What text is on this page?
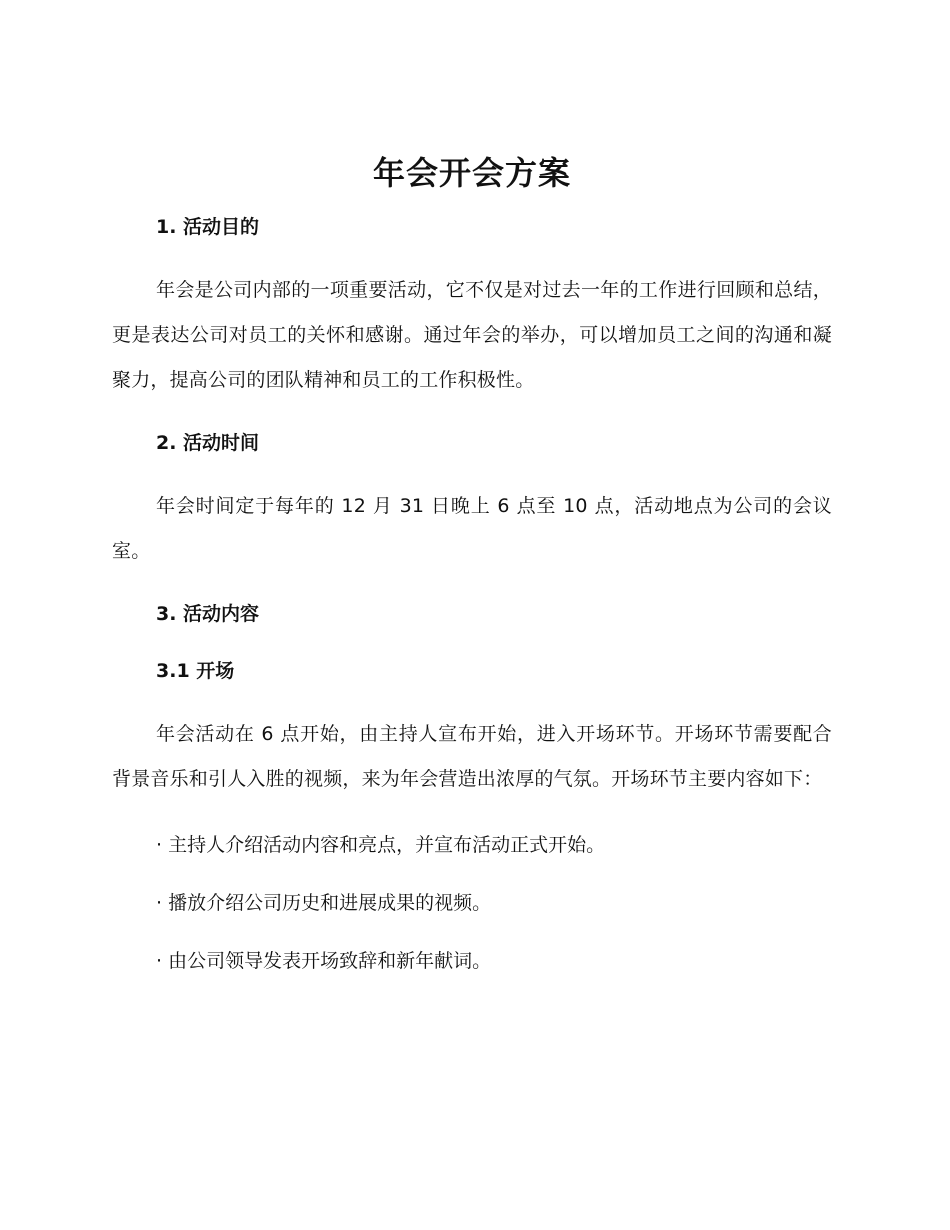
年会开会方案
1. 活动目的

年会是公司内部的一项重要活动，它不仅是对过去一年的工作进行回顾和总结，更是表达公司对员工的关怀和感谢。通过年会的举办，可以增加员工之间的沟通和凝聚力，提高公司的团队精神和员工的工作积极性。

2. 活动时间

年会时间定于每年的 12 月 31 日晚上 6 点至 10 点，活动地点为公司的会议室。

3. 活动内容
3.1 开场

年会活动在 6 点开始，由主持人宣布开始，进入开场环节。开场环节需要配合背景音乐和引人入胜的视频，来为年会营造出浓厚的气氛。开场环节主要内容如下：

· 主持人介绍活动内容和亮点，并宣布活动正式开始。
· 播放介绍公司历史和进展成果的视频。
· 由公司领导发表开场致辞和新年献词。
